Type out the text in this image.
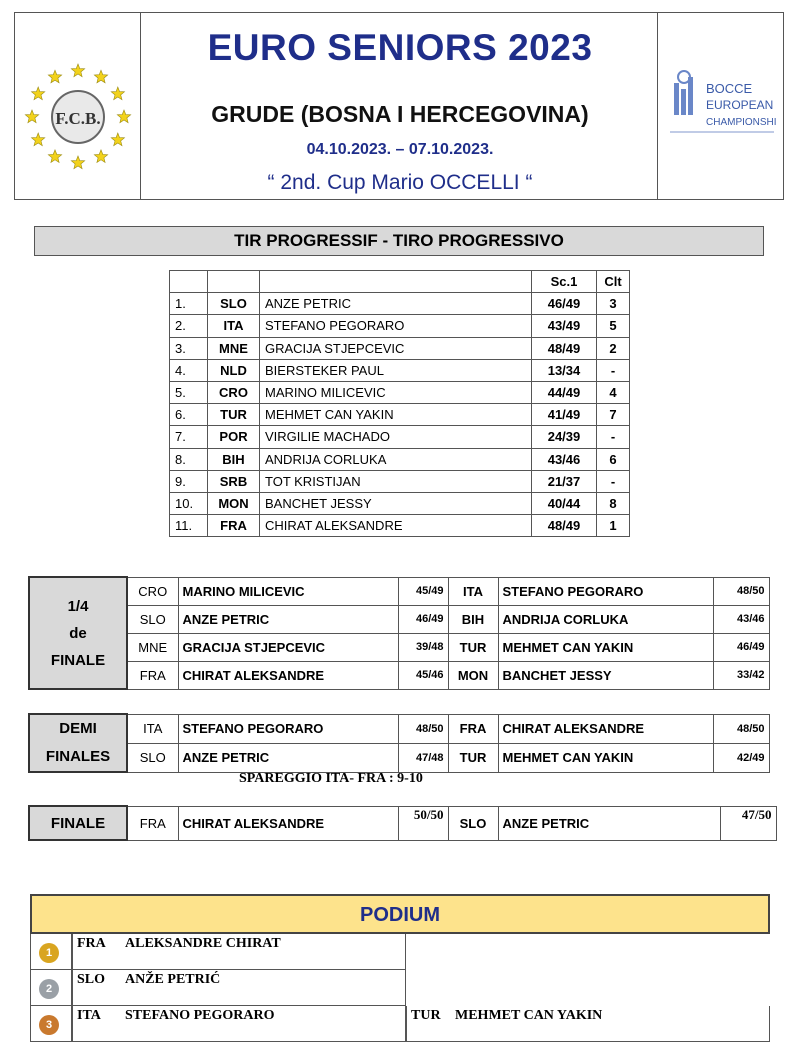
F.C.B.
EURO SENIORS 2023
GRUDE (BOSNA I HERCEGOVINA)
04.10.2023. – 07.10.2023.
“ 2nd. Cup Mario OCCELLI “
BOCCE
EUROPEAN
CHAMPIONSHI
TIR PROGRESSIF - TIRO PROGRESSIVO
			Sc.1	Clt
1.	SLO	ANZE PETRIC	46/49	3
2.	ITA	STEFANO PEGORARO	43/49	5
3.	MNE	GRACIJA STJEPCEVIC	48/49	2
4.	NLD	BIERSTEKER PAUL	13/34	-
5.	CRO	MARINO MILICEVIC	44/49	4
6.	TUR	MEHMET CAN YAKIN	41/49	7
7.	POR	VIRGILIE MACHADO	24/39	-
8.	BIH	ANDRIJA CORLUKA	43/46	6
9.	SRB	TOT KRISTIJAN	21/37	-
10.	MON	BANCHET JESSY	40/44	8
11.	FRA	CHIRAT ALEKSANDRE	48/49	1
1/4
de
FINALE	CRO	MARINO MILICEVIC	45/49	ITA	STEFANO PEGORARO	48/50
	SLO	ANZE PETRIC	46/49	BIH	ANDRIJA CORLUKA	43/46
	MNE	GRACIJA STJEPCEVIC	39/48	TUR	MEHMET CAN YAKIN	46/49
	FRA	CHIRAT ALEKSANDRE	45/46	MON	BANCHET JESSY	33/42
DEMI
FINALES	ITA	STEFANO PEGORARO	48/50	FRA	CHIRAT ALEKSANDRE	48/50
	SLO	ANZE PETRIC	47/48	TUR	MEHMET CAN YAKIN	42/49
SPAREGGIO ITA- FRA : 9-10
FINALE	FRA	CHIRAT ALEKSANDRE	50/50	SLO	ANZE PETRIC	47/50
PODIUM
1
FRA ALEKSANDRE CHIRAT
2
SLO ANŽE PETRIĆ
3
ITA STEFANO PEGORARO	TUR MEHMET CAN YAKIN
